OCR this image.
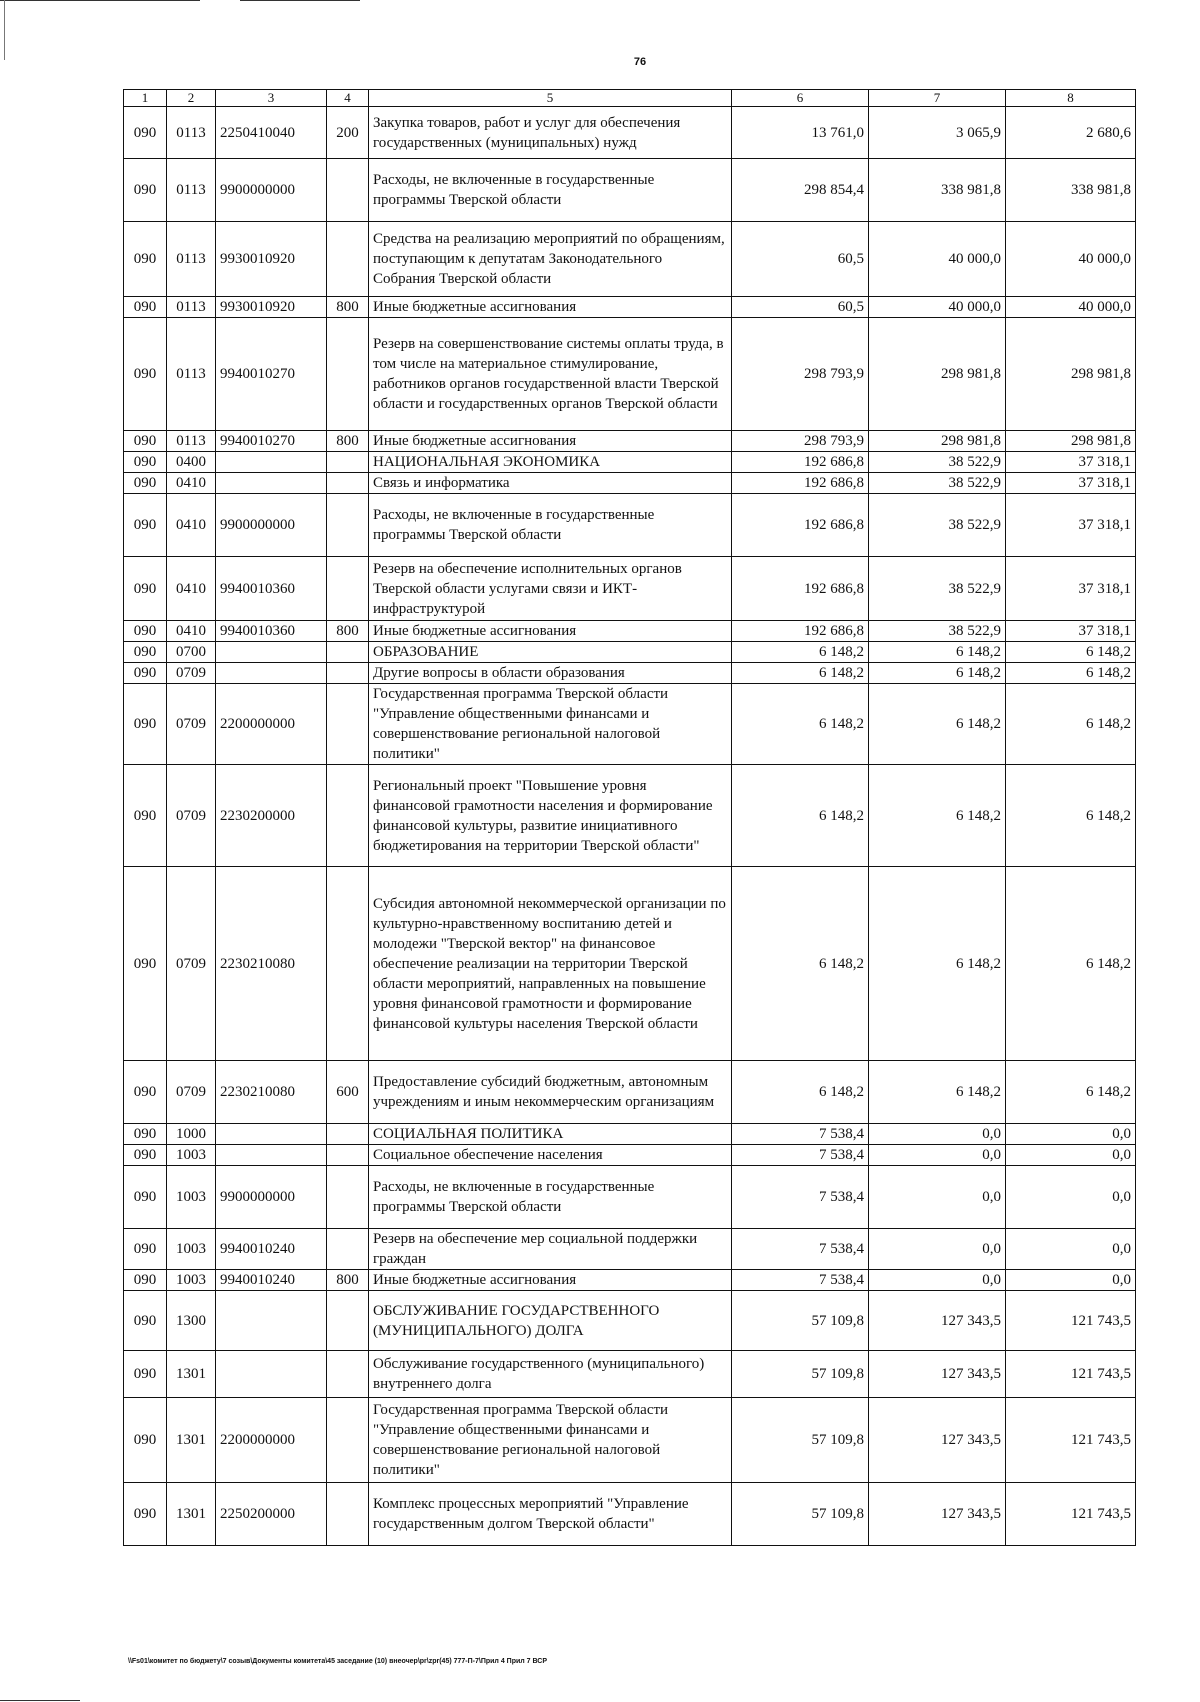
76
1	2	3	4	5	6	7	8
090	0113	2250410040	200	Закупка товаров, работ и услуг для обеспечения государственных (муниципальных) нужд	13 761,0	3 065,9	2 680,6
090	0113	9900000000		Расходы, не включенные в государственные программы Тверской области	298 854,4	338 981,8	338 981,8
090	0113	9930010920		Средства на реализацию мероприятий по обращениям, поступающим к депутатам Законодательного Собрания Тверской области	60,5	40 000,0	40 000,0
090	0113	9930010920	800	Иные бюджетные ассигнования	60,5	40 000,0	40 000,0
090	0113	9940010270		Резерв на совершенствование системы оплаты труда, в том числе на материальное стимулирование, работников органов государственной власти Тверской области и государственных органов Тверской области	298 793,9	298 981,8	298 981,8
090	0113	9940010270	800	Иные бюджетные ассигнования	298 793,9	298 981,8	298 981,8
090	0400			НАЦИОНАЛЬНАЯ ЭКОНОМИКА	192 686,8	38 522,9	37 318,1
090	0410			Связь и информатика	192 686,8	38 522,9	37 318,1
090	0410	9900000000		Расходы, не включенные в государственные программы Тверской области	192 686,8	38 522,9	37 318,1
090	0410	9940010360		Резерв на обеспечение исполнительных органов Тверской области услугами связи и ИКТ-инфраструктурой	192 686,8	38 522,9	37 318,1
090	0410	9940010360	800	Иные бюджетные ассигнования	192 686,8	38 522,9	37 318,1
090	0700			ОБРАЗОВАНИЕ	6 148,2	6 148,2	6 148,2
090	0709			Другие вопросы в области образования	6 148,2	6 148,2	6 148,2
090	0709	2200000000		Государственная программа Тверской области "Управление общественными финансами и совершенствование региональной налоговой политики"	6 148,2	6 148,2	6 148,2
090	0709	2230200000		Региональный проект "Повышение уровня финансовой грамотности населения и формирование финансовой культуры, развитие инициативного бюджетирования на территории Тверской области"	6 148,2	6 148,2	6 148,2
090	0709	2230210080		Субсидия автономной некоммерческой организации по культурно-нравственному воспитанию детей и молодежи "Тверской вектор" на финансовое обеспечение реализации на территории Тверской области мероприятий, направленных на повышение уровня финансовой грамотности и формирование финансовой культуры населения Тверской области	6 148,2	6 148,2	6 148,2
090	0709	2230210080	600	Предоставление субсидий бюджетным, автономным учреждениям и иным некоммерческим организациям	6 148,2	6 148,2	6 148,2
090	1000			СОЦИАЛЬНАЯ ПОЛИТИКА	7 538,4	0,0	0,0
090	1003			Социальное обеспечение населения	7 538,4	0,0	0,0
090	1003	9900000000		Расходы, не включенные в государственные программы Тверской области	7 538,4	0,0	0,0
090	1003	9940010240		Резерв на обеспечение мер социальной поддержки граждан	7 538,4	0,0	0,0
090	1003	9940010240	800	Иные бюджетные ассигнования	7 538,4	0,0	0,0
090	1300			ОБСЛУЖИВАНИЕ ГОСУДАРСТВЕННОГО (МУНИЦИПАЛЬНОГО) ДОЛГА	57 109,8	127 343,5	121 743,5
090	1301			Обслуживание государственного (муниципального) внутреннего долга	57 109,8	127 343,5	121 743,5
090	1301	2200000000		Государственная программа Тверской области "Управление общественными финансами и совершенствование региональной налоговой политики"	57 109,8	127 343,5	121 743,5
090	1301	2250200000		Комплекс процессных мероприятий "Управление государственным долгом Тверской области"	57 109,8	127 343,5	121 743,5
\\Fs01\комитет по бюджету\7 созыв\Документы комитета\45 заседание (10) внеочер\pr\zpr(45) 777-П-7\Прил 4 Прил 7 ВСР
